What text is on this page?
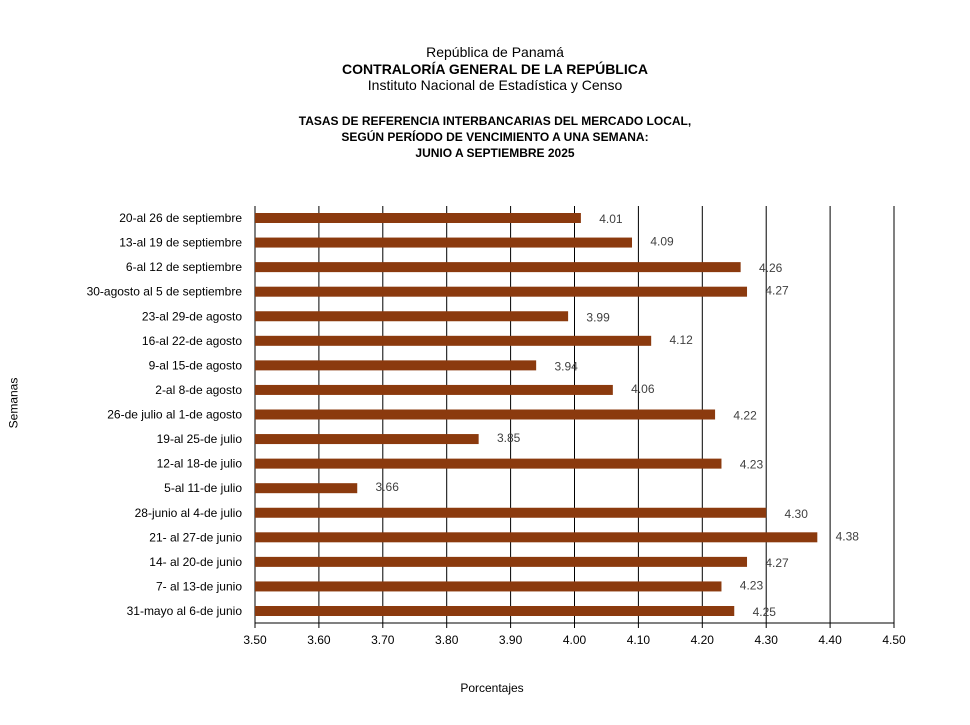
República de Panamá
CONTRALORÍA GENERAL DE LA REPÚBLICA
Instituto Nacional de Estadística y Censo
TASAS DE REFERENCIA INTERBANCARIAS DEL MERCADO LOCAL,
SEGÚN PERÍODO DE VENCIMIENTO A UNA SEMANA:
JUNIO A SEPTIEMBRE 2025
4.01
4.09
4.26
4.27
3.99
4.12
3.94
4.06
4.22
3.85
4.23
3.66
4.30
4.38
4.27
4.23
4.25
20-al 26 de septiembre
13-al 19 de septiembre
6-al 12 de septiembre
30-agosto al 5 de septiembre
23-al 29-de agosto
16-al 22-de agosto
9-al 15-de agosto
2-al 8-de agosto
26-de julio al 1-de agosto
19-al 25-de julio
12-al 18-de julio
5-al 11-de julio
28-junio al 4-de julio
21- al 27-de junio
14- al 20-de junio
7- al 13-de junio
31-mayo al 6-de junio
3.50	3.60	3.70	3.80	3.90	4.00	4.10	4.20	4.30	4.40	4.50
Semanas
Porcentajes
